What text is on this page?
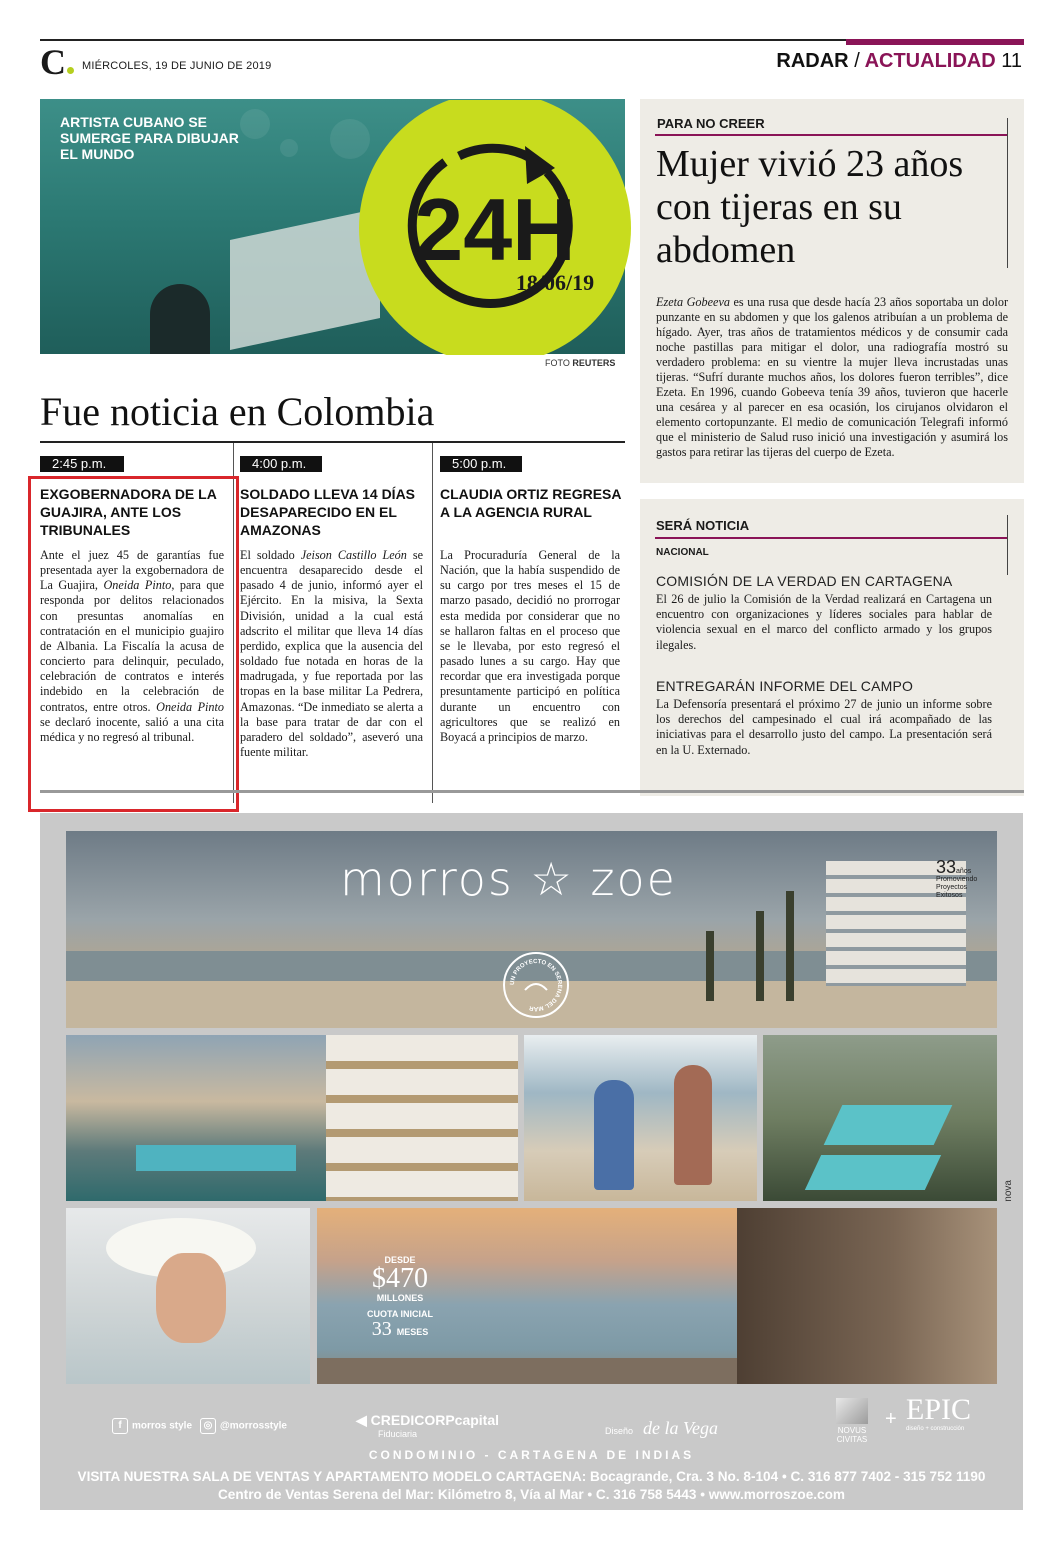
C	MIÉRCOLES, 19 DE JUNIO DE 2019	RADAR / ACTUALIDAD 11
ARTISTA CUBANO SE SUMERGE PARA DIBUJAR EL MUNDO
24H
18/06/19
FOTO REUTERS
Fue noticia en Colombia
2:45 p.m.
EXGOBERNADORA DE LA GUAJIRA, ANTE LOS TRIBUNALES
Ante el juez 45 de garantías fue presentada ayer la exgobernadora de La Guajira, Oneida Pinto, para que responda por delitos relacionados con presuntas anomalías en contratación en el municipio guajiro de Albania. La Fiscalía la acusa de concierto para delinquir, peculado, celebración de contratos e interés indebido en la celebración de contratos, entre otros. Oneida Pinto se declaró inocente, salió a una cita médica y no regresó al tribunal.
4:00 p.m.
SOLDADO LLEVA 14 DÍAS DESAPARECIDO EN EL AMAZONAS
El soldado Jeison Castillo León se encuentra desaparecido desde el pasado 4 de junio, informó ayer el Ejército. En la misiva, la Sexta División, unidad a la cual está adscrito el militar que lleva 14 días perdido, explica que la ausencia del soldado fue notada en horas de la madrugada, y fue reportada por las tropas en la base militar La Pedrera, Amazonas. “De inmediato se alerta a la base para tratar de dar con el paradero del soldado”, aseveró una fuente militar.
5:00 p.m.
CLAUDIA ORTIZ REGRESA A LA AGENCIA RURAL
La Procuraduría General de la Nación, que la había suspendido de su cargo por tres meses el 15 de marzo pasado, decidió no prorrogar esta medida por considerar que no se hallaron faltas en el proceso que se le llevaba, por esto regresó el pasado lunes a su cargo. Hay que recordar que era investigada porque presuntamente participó en política durante un encuentro con agricultores que se realizó en Boyacá a principios de marzo.
PARA NO CREER
Mujer vivió 23 años con tijeras en su abdomen
Ezeta Gobeeva es una rusa que desde hacía 23 años soportaba un dolor punzante en su abdomen y que los galenos atribuían a un problema de hígado. Ayer, tras años de tratamientos médicos y de consumir cada noche pastillas para mitigar el dolor, una radiografía mostró su verdadero problema: en su vientre la mujer lleva incrustadas unas tijeras. “Sufrí durante muchos años, los dolores fueron terribles”, dice Ezeta. En 1996, cuando Gobeeva tenía 39 años, tuvieron que hacerle una cesárea y al parecer en esa ocasión, los cirujanos olvidaron el elemento cortopunzante. El medio de comunicación Telegrafi informó que el ministerio de Salud ruso inició una investigación y asumirá los gastos para retirar las tijeras del cuerpo de Ezeta.
SERÁ NOTICIA
NACIONAL
COMISIÓN DE LA VERDAD EN CARTAGENA
El 26 de julio la Comisión de la Verdad realizará en Cartagena un encuentro con organizaciones y líderes sociales para hablar de violencia sexual en el marco del conflicto armado y los grupos ilegales.
ENTREGARÁN INFORME DEL CAMPO
La Defensoría presentará el próximo 27 de junio un informe sobre los derechos del campesinado el cual irá acompañado de las iniciativas para el desarrollo justo del campo. La presentación será en la U. Externado.
morros ☆ zoe	33años
Promoviendo Proyectos Exitosos
UN PROYECTO EN SERENA DEL MAR
nova
DESDE
$470
MILLONES
CUOTA INICIAL
33 MESES
f morros style	◎ @morrosstyle	◀ CREDICORPcapital
Fiduciaria	Diseño de la Vega	NOVUS CIVITAS
+ EPIC
diseño + construcción
CONDOMINIO - CARTAGENA DE INDIAS
VISITA NUESTRA SALA DE VENTAS Y APARTAMENTO MODELO CARTAGENA: Bocagrande, Cra. 3 No. 8-104 • C. 316 877 7402 - 315 752 1190
Centro de Ventas Serena del Mar: Kilómetro 8, Vía al Mar • C. 316 758 5443 • www.morroszoe.com
